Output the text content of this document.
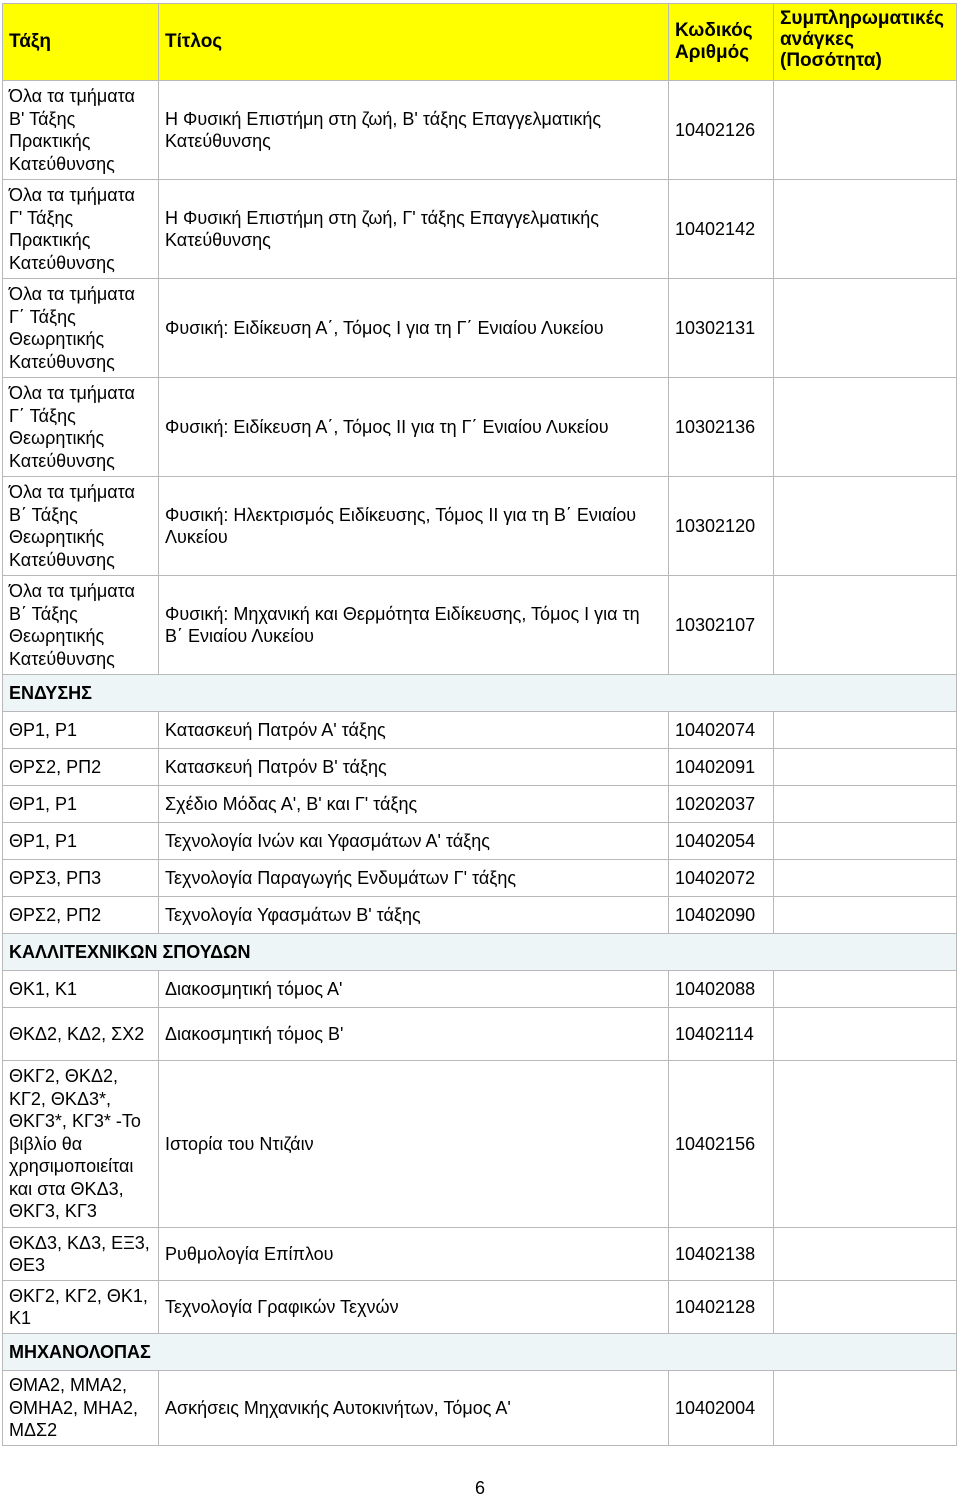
Τάξη	Τίτλος	Κωδικός Αριθμός	Συμπληρωματικές ανάγκες (Ποσότητα)
Όλα τα τμήματα Β' Τάξης Πρακτικής Κατεύθυνσης	Η Φυσική Επιστήμη στη ζωή, Β' τάξης Επαγγελματικής Κατεύθυνσης	10402126	
Όλα τα τμήματα Γ' Τάξης Πρακτικής Κατεύθυνσης	Η Φυσική Επιστήμη στη ζωή, Γ' τάξης Επαγγελματικής Κατεύθυνσης	10402142	
Όλα τα τμήματα Γ΄ Τάξης Θεωρητικής Κατεύθυνσης	Φυσική: Ειδίκευση Α΄, Τόμος Ι για τη Γ΄ Ενιαίου Λυκείου	10302131	
Όλα τα τμήματα Γ΄ Τάξης Θεωρητικής Κατεύθυνσης	Φυσική: Ειδίκευση Α΄, Τόμος ΙΙ για τη Γ΄ Ενιαίου Λυκείου	10302136	
Όλα τα τμήματα Β΄ Τάξης Θεωρητικής Κατεύθυνσης	Φυσική: Ηλεκτρισμός Ειδίκευσης, Τόμος ΙΙ για τη Β΄ Ενιαίου Λυκείου	10302120	
Όλα τα τμήματα Β΄ Τάξης Θεωρητικής Κατεύθυνσης	Φυσική: Μηχανική και Θερμότητα Ειδίκευσης, Τόμος Ι για τη Β΄ Ενιαίου Λυκείου	10302107	
ΕΝΔΥΣΗΣ			
ΘΡ1, Ρ1	Κατασκευή Πατρόν Α' τάξης	10402074	
ΘΡΣ2, ΡΠ2	Κατασκευή Πατρόν Β' τάξης	10402091	
ΘΡ1, Ρ1	Σχέδιο Μόδας Α', Β' και Γ' τάξης	10202037	
ΘΡ1, Ρ1	Τεχνολογία Ινών και Υφασμάτων Α' τάξης	10402054	
ΘΡΣ3, ΡΠ3	Τεχνολογία Παραγωγής Ενδυμάτων Γ' τάξης	10402072	
ΘΡΣ2, ΡΠ2	Τεχνολογία Υφασμάτων Β' τάξης	10402090	
ΚΑΛΛΙΤΕΧΝΙΚΩΝ ΣΠΟΥΔΩΝ			
ΘΚ1, Κ1	Διακοσμητική τόμος Α'	10402088	
ΘΚΔ2, ΚΔ2, ΣΧ2	Διακοσμητική τόμος Β'	10402114	
ΘΚΓ2, ΘΚΔ2, ΚΓ2, ΘΚΔ3*, ΘΚΓ3*, ΚΓ3* -Το βιβλίο θα χρησιμοποιείται και στα ΘΚΔ3, ΘΚΓ3, ΚΓ3	Ιστορία του Ντιζάιν	10402156	
ΘΚΔ3, ΚΔ3, ΕΞ3, ΘΕ3	Ρυθμολογία Επίπλου	10402138	
ΘΚΓ2, ΚΓ2, ΘΚ1, Κ1	Τεχνολογία Γραφικών Τεχνών	10402128	
ΜΗΧΑΝΟΛΟΠΑΣ			
ΘΜΑ2, ΜΜΑ2, ΘΜΗΑ2, ΜΗΑ2, ΜΔΣ2	Ασκήσεις Μηχανικής Αυτοκινήτων, Τόμος Α'	10402004	
6
